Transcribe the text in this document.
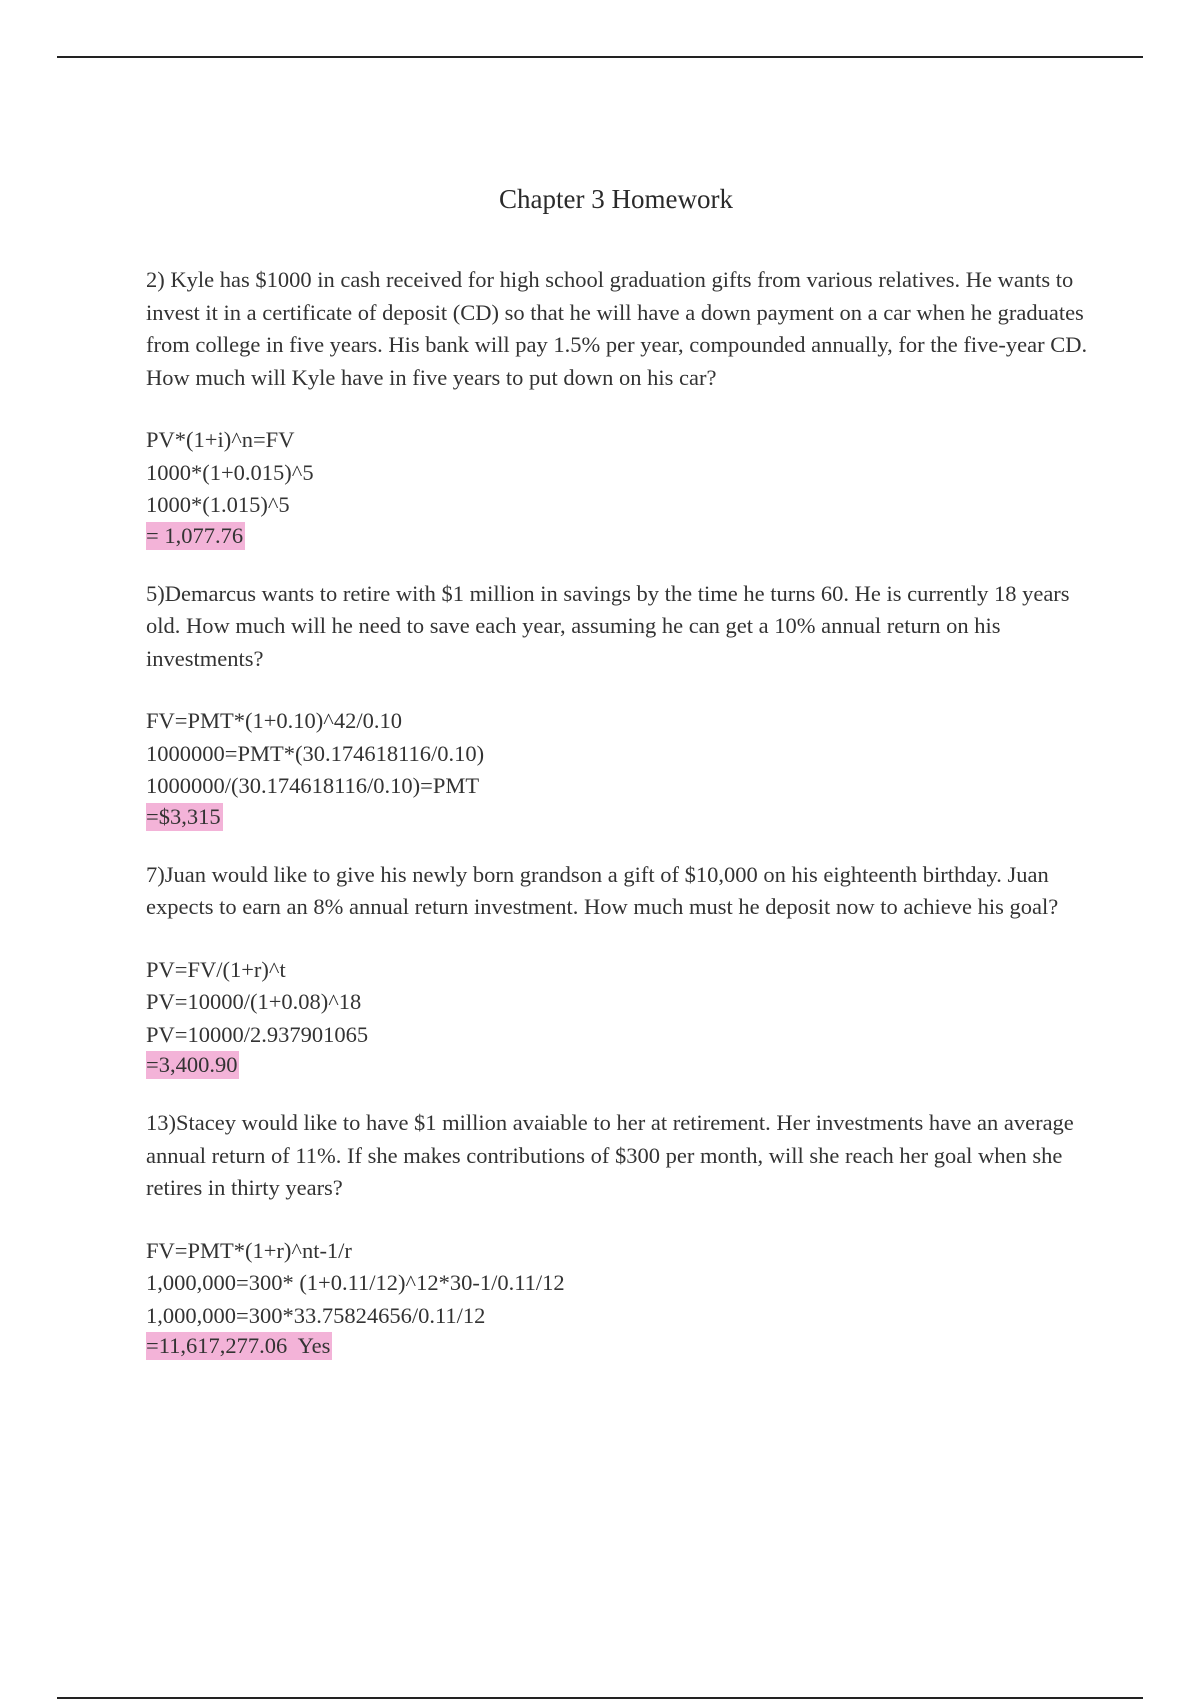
Chapter 3 Homework

2) Kyle has $1000 in cash received for high school graduation gifts from various relatives. He wants to invest it in a certificate of deposit (CD) so that he will have a down payment on a car when he graduates from college in five years. His bank will pay 1.5% per year, compounded annually, for the five-year CD. How much will Kyle have in five years to put down on his car?

PV*(1+i)^n=FV
1000*(1+0.015)^5
1000*(1.015)^5
= 1,077.76

5)Demarcus wants to retire with $1 million in savings by the time he turns 60. He is currently 18 years old. How much will he need to save each year, assuming he can get a 10% annual return on his investments?

FV=PMT*(1+0.10)^42/0.10
1000000=PMT*(30.174618116/0.10)
1000000/(30.174618116/0.10)=PMT
=$3,315

7)Juan would like to give his newly born grandson a gift of $10,000 on his eighteenth birthday. Juan expects to earn an 8% annual return investment. How much must he deposit now to achieve his goal?

PV=FV/(1+r)^t
PV=10000/(1+0.08)^18
PV=10000/2.937901065
=3,400.90

13)Stacey would like to have $1 million avaiable to her at retirement. Her investments have an average annual return of 11%. If she makes contributions of $300 per month, will she reach her goal when she retires in thirty years?

FV=PMT*(1+r)^nt-1/r
1,000,000=300* (1+0.11/12)^12*30-1/0.11/12
1,000,000=300*33.75824656/0.11/12
=11,617,277.06  Yes
